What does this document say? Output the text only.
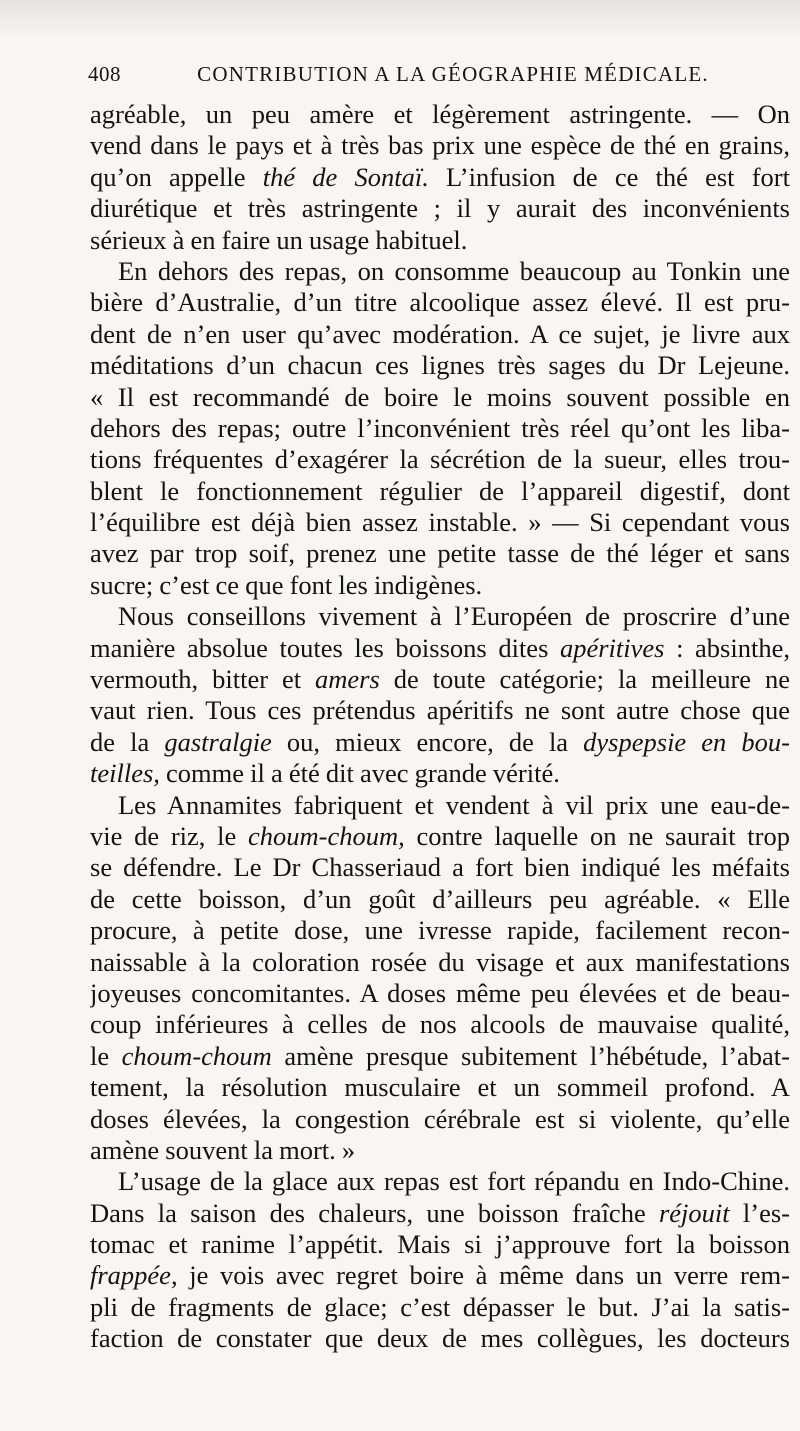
408	CONTRIBUTION A LA GÉOGRAPHIE MÉDICALE.
agréable, un peu amère et légèrement astringente. — On
vend dans le pays et à très bas prix une espèce de thé en grains,
qu’on appelle thé de Sontaï. L’infusion de ce thé est fort
diurétique et très astringente ; il y aurait des inconvénients
sérieux à en faire un usage habituel.
En dehors des repas, on consomme beaucoup au Tonkin une
bière d’Australie, d’un titre alcoolique assez élevé. Il est pru-
dent de n’en user qu’avec modération. A ce sujet, je livre aux
méditations d’un chacun ces lignes très sages du Dr Lejeune.
« Il est recommandé de boire le moins souvent possible en
dehors des repas; outre l’inconvénient très réel qu’ont les liba-
tions fréquentes d’exagérer la sécrétion de la sueur, elles trou-
blent le fonctionnement régulier de l’appareil digestif, dont
l’équilibre est déjà bien assez instable. » — Si cependant vous
avez par trop soif, prenez une petite tasse de thé léger et sans
sucre; c’est ce que font les indigènes.
Nous conseillons vivement à l’Européen de proscrire d’une
manière absolue toutes les boissons dites apéritives : absinthe,
vermouth, bitter et amers de toute catégorie; la meilleure ne
vaut rien. Tous ces prétendus apéritifs ne sont autre chose que
de la gastralgie ou, mieux encore, de la dyspepsie en bou-
teilles, comme il a été dit avec grande vérité.
Les Annamites fabriquent et vendent à vil prix une eau-de-
vie de riz, le choum-choum, contre laquelle on ne saurait trop
se défendre. Le Dr Chasseriaud a fort bien indiqué les méfaits
de cette boisson, d’un goût d’ailleurs peu agréable. « Elle
procure, à petite dose, une ivresse rapide, facilement recon-
naissable à la coloration rosée du visage et aux manifestations
joyeuses concomitantes. A doses même peu élevées et de beau-
coup inférieures à celles de nos alcools de mauvaise qualité,
le choum-choum amène presque subitement l’hébétude, l’abat-
tement, la résolution musculaire et un sommeil profond. A
doses élevées, la congestion cérébrale est si violente, qu’elle
amène souvent la mort. »
L’usage de la glace aux repas est fort répandu en Indo-Chine.
Dans la saison des chaleurs, une boisson fraîche réjouit l’es-
tomac et ranime l’appétit. Mais si j’approuve fort la boisson
frappée, je vois avec regret boire à même dans un verre rem-
pli de fragments de glace; c’est dépasser le but. J’ai la satis-
faction de constater que deux de mes collègues, les docteurs
